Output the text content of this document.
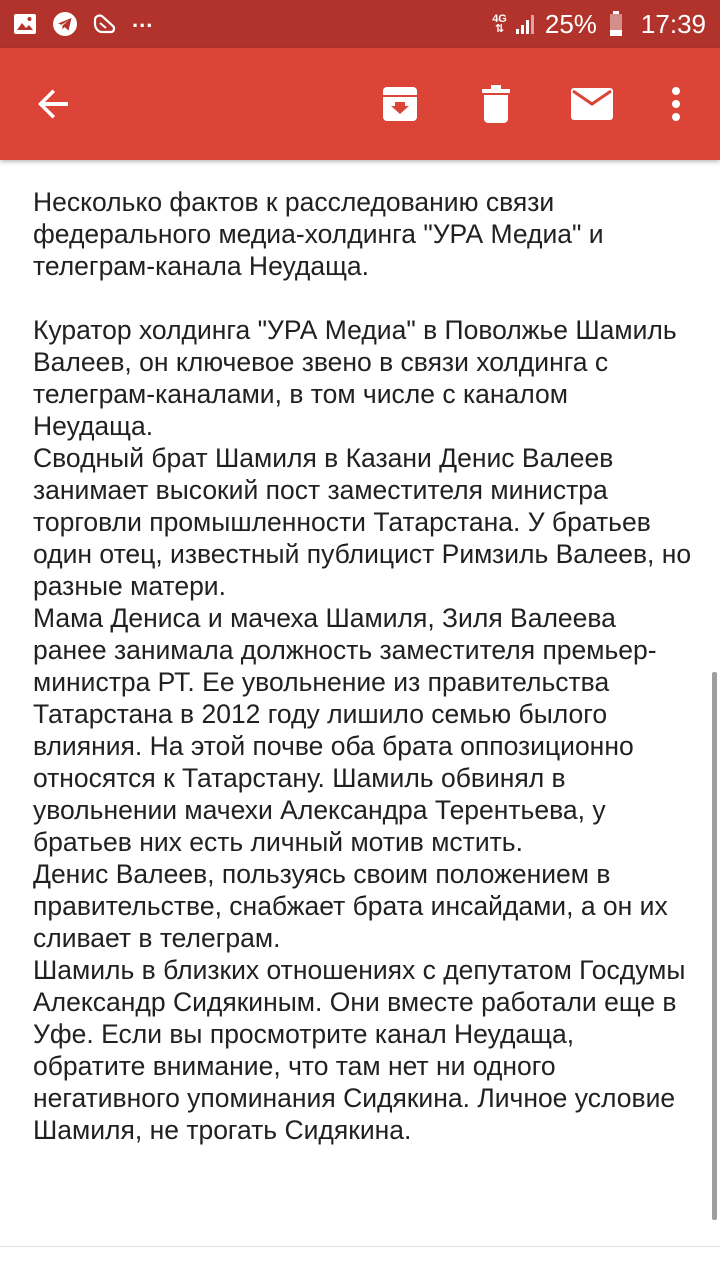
...	4G
⇅ 25% 17:39

Несколько фактов к расследованию связи федерального медиа-холдинга "УРА Медиа" и телеграм-канала Неудаща.

Куратор холдинга "УРА Медиа" в Поволжье Шамиль Валеев, он ключевое звено в связи холдинга с телеграм-каналами, в том числе с каналом Неудаща.

Сводный брат Шамиля в Казани Денис Валеев занимает высокий пост заместителя министра торговли промышленности Татарстана. У братьев один отец, известный публицист Римзиль Валеев, но разные матери.

Мама Дениса и мачеха Шамиля, Зиля Валеева ранее занимала должность заместителя премьер-министра РТ. Ее увольнение из правительства Татарстана в 2012 году лишило семью былого влияния. На этой почве оба брата оппозиционно относятся к Татарстану. Шамиль обвинял в увольнении мачехи Александра Терентьева, у братьев них есть личный мотив мстить.

Денис Валеев, пользуясь своим положением в правительстве, снабжает брата инсайдами, а он их сливает в телеграм.

Шамиль в близких отношениях с депутатом Госдумы Александр Сидякиным. Они вместе работали еще в Уфе. Если вы просмотрите канал Неудаща, обратите внимание, что там нет ни одного негативного упоминания Сидякина. Личное условие Шамиля, не трогать Сидякина.
